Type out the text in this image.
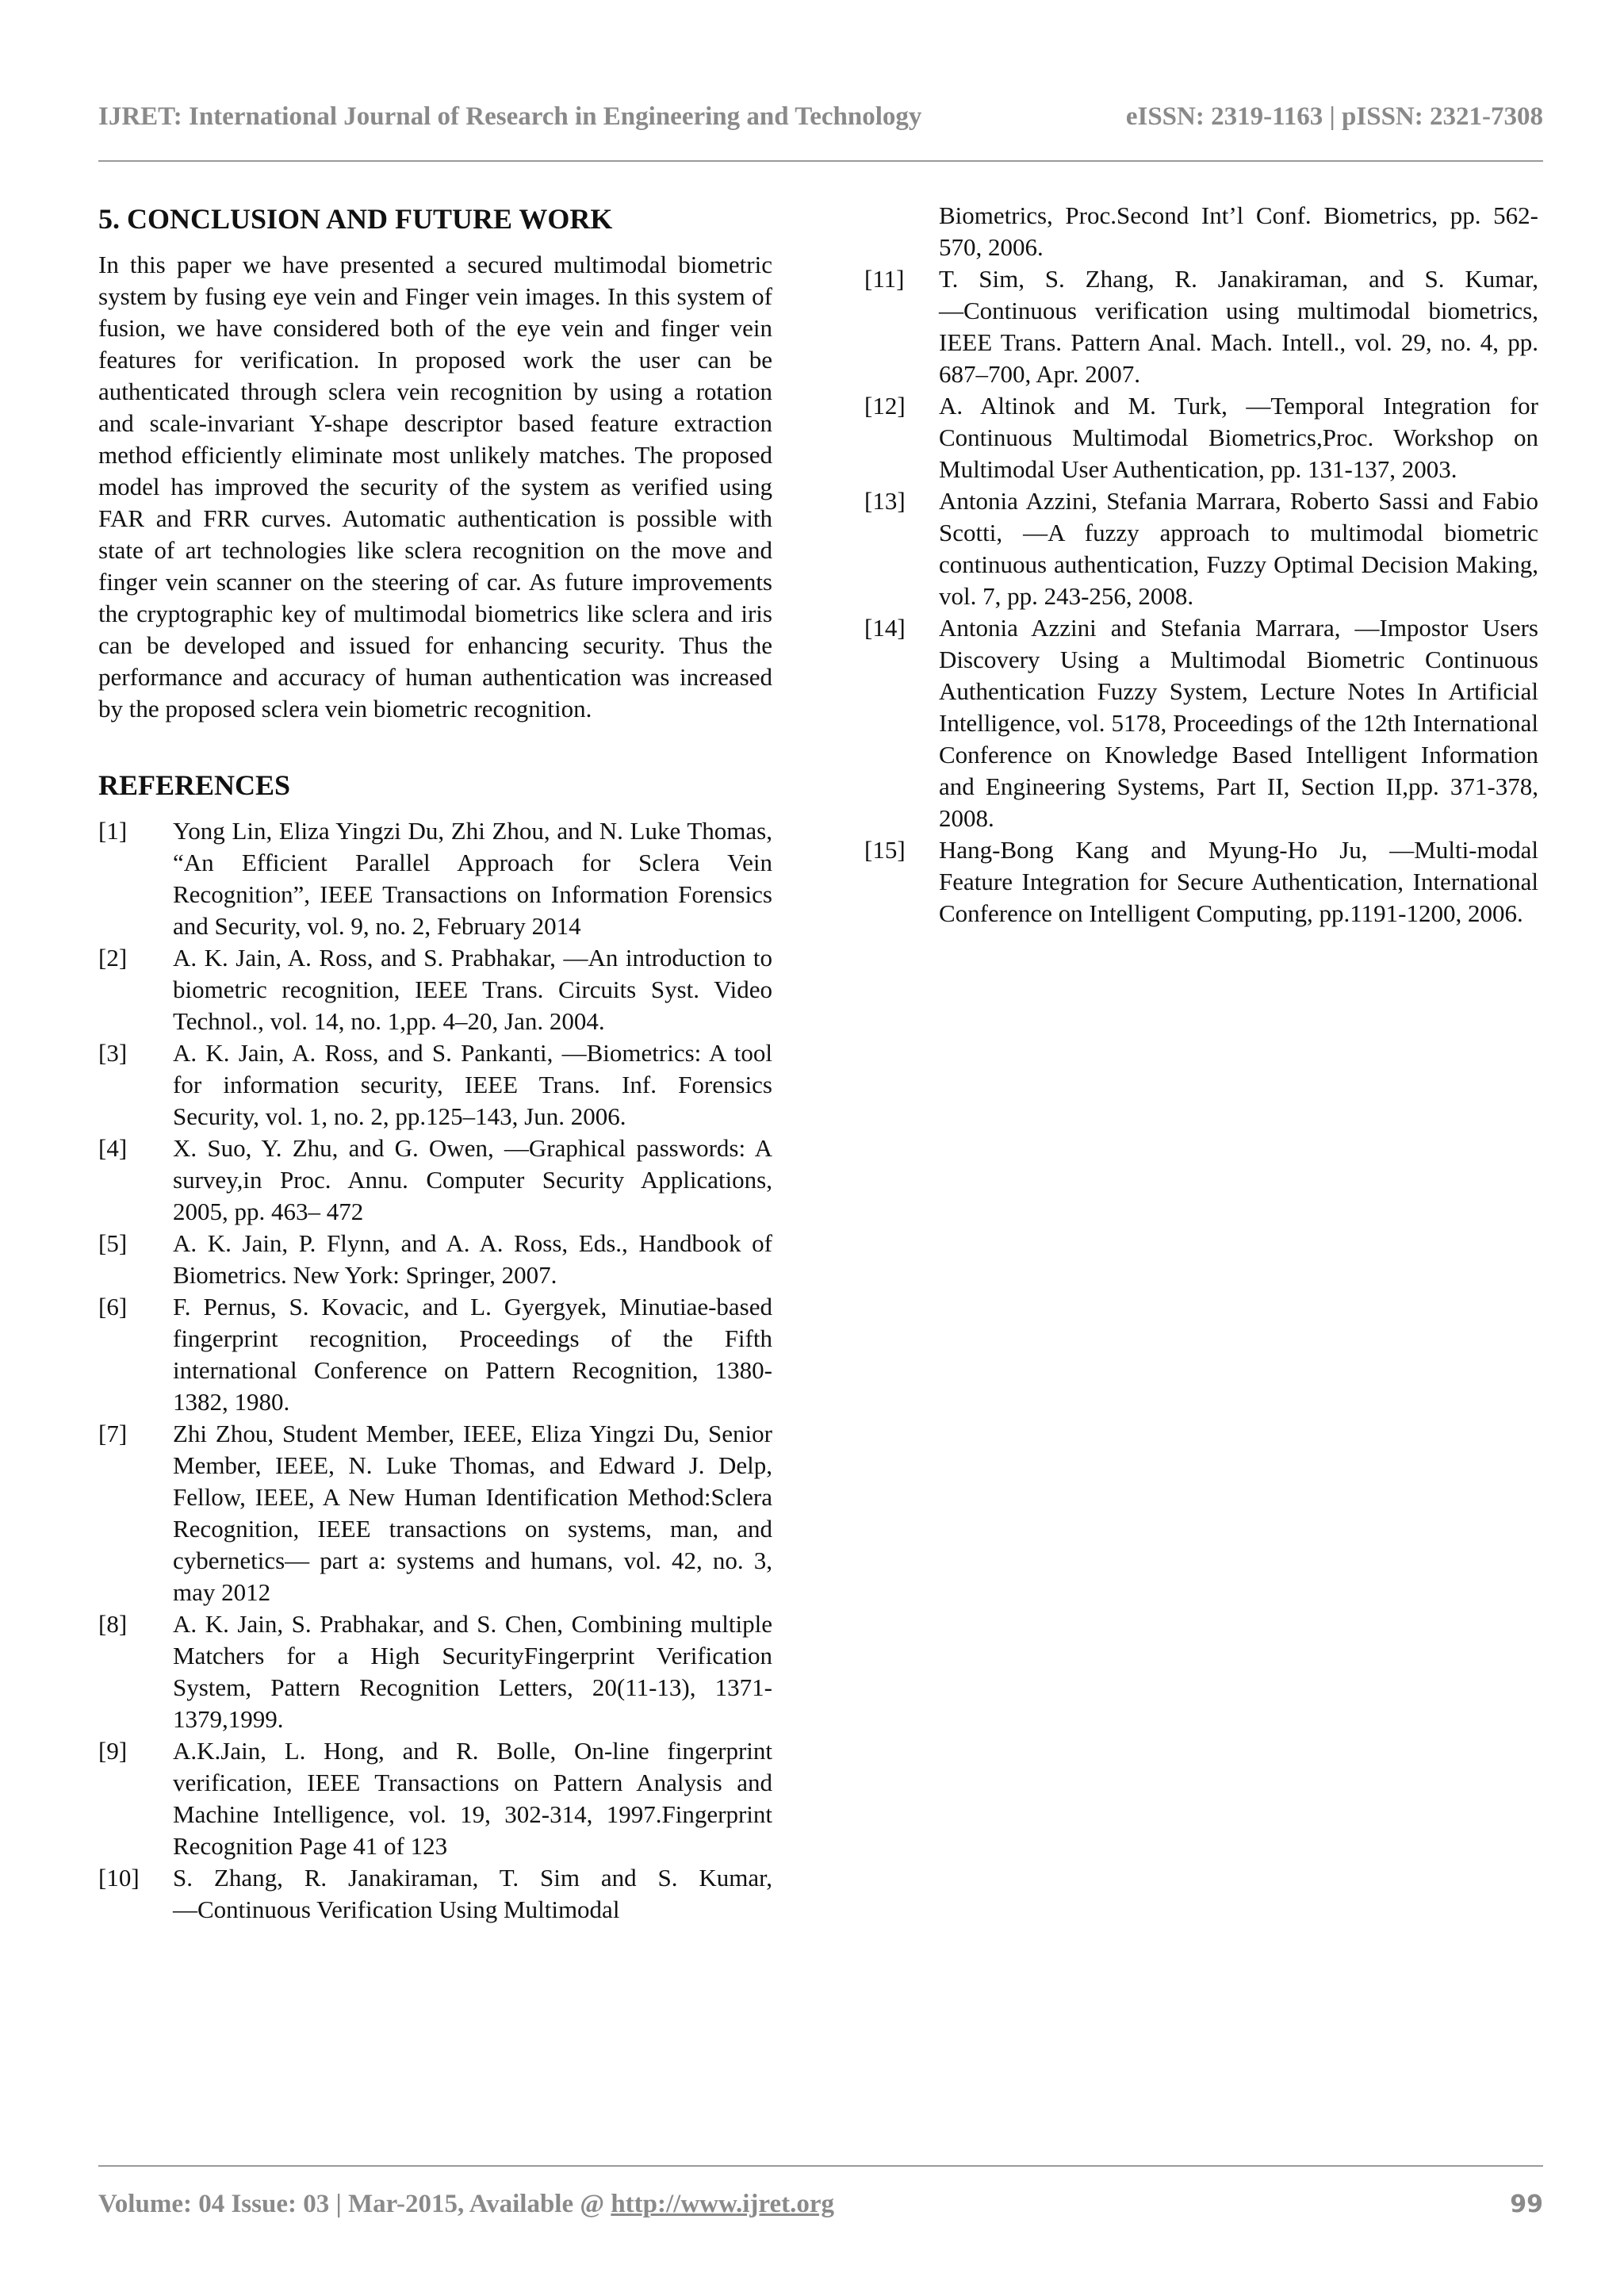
IJRET: International Journal of Research in Engineering and Technology	eISSN: 2319-1163 | pISSN: 2321-7308
5. CONCLUSION AND FUTURE WORK

In this paper we have presented a secured multimodal biometric system by fusing eye vein and Finger vein images. In this system of fusion, we have considered both of the eye vein and finger vein features for verification. In proposed work the user can be authenticated through sclera vein recognition by using a rotation and scale-invariant Y-shape descriptor based feature extraction method efficiently eliminate most unlikely matches. The proposed model has improved the security of the system as verified using FAR and FRR curves. Automatic authentication is possible with state of art technologies like sclera recognition on the move and finger vein scanner on the steering of car. As future improvements the cryptographic key of multimodal biometrics like sclera and iris can be developed and issued for enhancing security. Thus the performance and accuracy of human authentication was increased by the proposed sclera vein biometric recognition.

REFERENCES
[1]	Yong Lin, Eliza Yingzi Du, Zhi Zhou, and N. Luke Thomas, “An Efficient Parallel Approach for Sclera Vein Recognition”, IEEE Transactions on Information Forensics and Security, vol. 9, no. 2, February 2014
[2]	A. K. Jain, A. Ross, and S. Prabhakar, ―An introduction to biometric recognition, IEEE Trans. Circuits Syst. Video Technol., vol. 14, no. 1,pp. 4–20, Jan. 2004.
[3]	A. K. Jain, A. Ross, and S. Pankanti, ―Biometrics: A tool for information security, IEEE Trans. Inf. Forensics Security, vol. 1, no. 2, pp.125–143, Jun. 2006.
[4]	X. Suo, Y. Zhu, and G. Owen, ―Graphical passwords: A survey,in Proc. Annu. Computer Security Applications, 2005, pp. 463– 472
[5]	A. K. Jain, P. Flynn, and A. A. Ross, Eds., Handbook of Biometrics. New York: Springer, 2007.
[6]	F. Pernus, S. Kovacic, and L. Gyergyek, Minutiae-based fingerprint recognition, Proceedings of the Fifth international Conference on Pattern Recognition, 1380-1382, 1980.
[7]	Zhi Zhou, Student Member, IEEE, Eliza Yingzi Du, Senior Member, IEEE, N. Luke Thomas, and Edward J. Delp, Fellow, IEEE, A New Human Identification Method:Sclera Recognition, IEEE transactions on systems, man, and cybernetics— part a: systems and humans, vol. 42, no. 3, may 2012
[8]	A. K. Jain, S. Prabhakar, and S. Chen, Combining multiple Matchers for a High SecurityFingerprint Verification System, Pattern Recognition Letters, 20(11-13), 1371-1379,1999.
[9]	A.K.Jain, L. Hong, and R. Bolle, On-line fingerprint verification, IEEE Transactions on Pattern Analysis and Machine Intelligence, vol. 19, 302-314, 1997.Fingerprint Recognition Page 41 of 123
[10]	S. Zhang, R. Janakiraman, T. Sim and S. Kumar, ―Continuous Verification Using Multimodal
Biometrics, Proc.Second Int’l Conf. Biometrics, pp. 562-570, 2006.
[11]	T. Sim, S. Zhang, R. Janakiraman, and S. Kumar, ―Continuous verification using multimodal biometrics, IEEE Trans. Pattern Anal. Mach. Intell., vol. 29, no. 4, pp. 687–700, Apr. 2007.
[12]	A. Altinok and M. Turk, ―Temporal Integration for Continuous Multimodal Biometrics,Proc. Workshop on Multimodal User Authentication, pp. 131-137, 2003.
[13]	Antonia Azzini, Stefania Marrara, Roberto Sassi and Fabio Scotti, ―A fuzzy approach to multimodal biometric continuous authentication, Fuzzy Optimal Decision Making, vol. 7, pp. 243-256, 2008.
[14]	Antonia Azzini and Stefania Marrara, ―Impostor Users Discovery Using a Multimodal Biometric Continuous Authentication Fuzzy System, Lecture Notes In Artificial Intelligence, vol. 5178, Proceedings of the 12th International Conference on Knowledge Based Intelligent Information and Engineering Systems, Part II, Section II,pp. 371-378, 2008.
[15]	Hang-Bong Kang and Myung-Ho Ju, ―Multi-modal Feature Integration for Secure Authentication, International Conference on Intelligent Computing, pp.1191-1200, 2006.
Volume: 04 Issue: 03 | Mar-2015, Available @ http://www.ijret.org	99
